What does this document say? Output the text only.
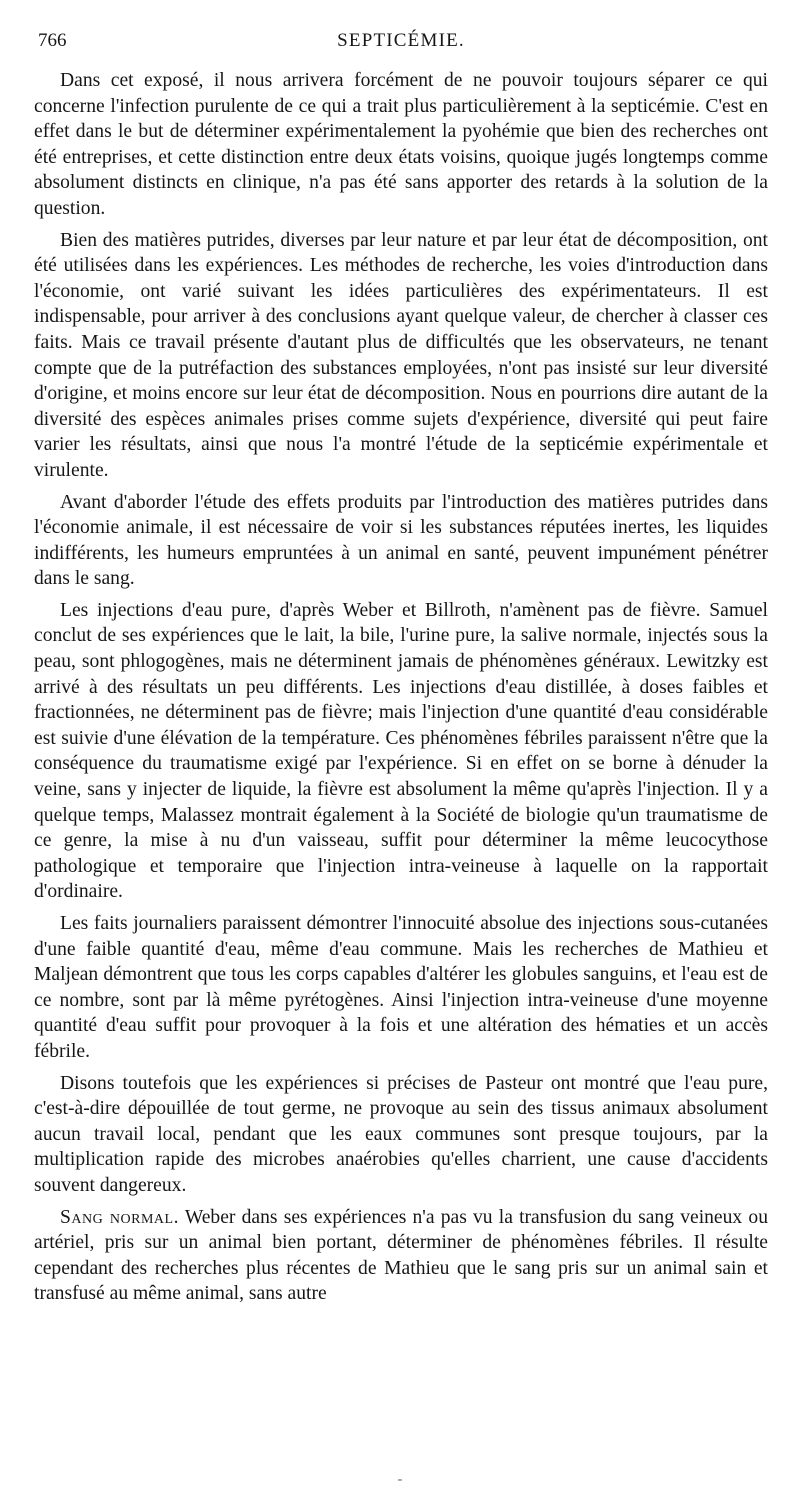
766	SEPTICÉMIE.

Dans cet exposé, il nous arrivera forcément de ne pouvoir toujours séparer ce qui concerne l'infection purulente de ce qui a trait plus particulièrement à la septicémie. C'est en effet dans le but de déterminer expérimentalement la pyohémie que bien des recherches ont été entreprises, et cette distinction entre deux états voisins, quoique jugés longtemps comme absolument distincts en clinique, n'a pas été sans apporter des retards à la solution de la question.

Bien des matières putrides, diverses par leur nature et par leur état de décomposition, ont été utilisées dans les expériences. Les méthodes de recherche, les voies d'introduction dans l'économie, ont varié suivant les idées particulières des expérimentateurs. Il est indispensable, pour arriver à des conclusions ayant quelque valeur, de chercher à classer ces faits. Mais ce travail présente d'autant plus de difficultés que les observateurs, ne tenant compte que de la putréfaction des substances employées, n'ont pas insisté sur leur diversité d'origine, et moins encore sur leur état de décomposition. Nous en pourrions dire autant de la diversité des espèces animales prises comme sujets d'expérience, diversité qui peut faire varier les résultats, ainsi que nous l'a montré l'étude de la septicémie expérimentale et virulente.

Avant d'aborder l'étude des effets produits par l'introduction des matières putrides dans l'économie animale, il est nécessaire de voir si les substances réputées inertes, les liquides indifférents, les humeurs empruntées à un animal en santé, peuvent impunément pénétrer dans le sang.

Les injections d'eau pure, d'après Weber et Billroth, n'amènent pas de fièvre. Samuel conclut de ses expériences que le lait, la bile, l'urine pure, la salive normale, injectés sous la peau, sont phlogogènes, mais ne déterminent jamais de phénomènes généraux. Lewitzky est arrivé à des résultats un peu différents. Les injections d'eau distillée, à doses faibles et fractionnées, ne déterminent pas de fièvre; mais l'injection d'une quantité d'eau considérable est suivie d'une élévation de la température. Ces phénomènes fébriles paraissent n'être que la conséquence du traumatisme exigé par l'expérience. Si en effet on se borne à dénuder la veine, sans y injecter de liquide, la fièvre est absolument la même qu'après l'injection. Il y a quelque temps, Malassez montrait également à la Société de biologie qu'un traumatisme de ce genre, la mise à nu d'un vaisseau, suffit pour déterminer la même leucocythose pathologique et temporaire que l'injection intra-veineuse à laquelle on la rapportait d'ordinaire.

Les faits journaliers paraissent démontrer l'innocuité absolue des injections sous-cutanées d'une faible quantité d'eau, même d'eau commune. Mais les recherches de Mathieu et Maljean démontrent que tous les corps capables d'altérer les globules sanguins, et l'eau est de ce nombre, sont par là même pyrétogènes. Ainsi l'injection intra-veineuse d'une moyenne quantité d'eau suffit pour provoquer à la fois et une altération des hématies et un accès fébrile.

Disons toutefois que les expériences si précises de Pasteur ont montré que l'eau pure, c'est-à-dire dépouillée de tout germe, ne provoque au sein des tissus animaux absolument aucun travail local, pendant que les eaux communes sont presque toujours, par la multiplication rapide des microbes anaérobies qu'elles charrient, une cause d'accidents souvent dangereux.

Sang normal. Weber dans ses expériences n'a pas vu la transfusion du sang veineux ou artériel, pris sur un animal bien portant, déterminer de phénomènes fébriles. Il résulte cependant des recherches plus récentes de Mathieu que le sang pris sur un animal sain et transfusé au même animal, sans autre

-
